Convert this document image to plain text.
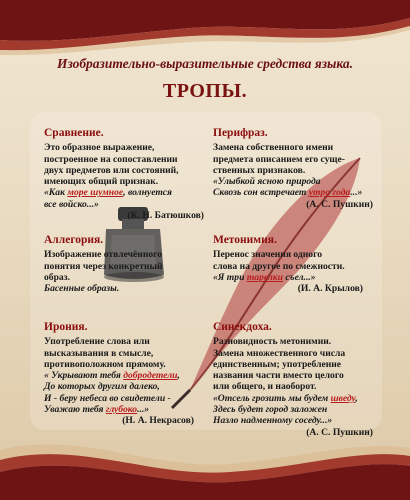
Изобразительно-выразительные средства языка.
ТРОПЫ.
Сравнение.
Это образное выражение,
построенное на сопоставлении
двух предметов или состояний,
имеющих общий признак.
«Как море шумное, волнуется
все войско...»
(К. Н. Батюшков)
Перифраз.
Замена собственного имени
предмета описанием его суще-
ственных признаков.
«Улыбкой ясною природа
Сквозь сон встречает утро года...»
(А. С. Пушкин)
Аллегория.
Изображение отвлечённого
понятия через конкретный
образ.
Басенные образы.
Метонимия.
Перенос значения одного
слова на другое по смежности.
«Я три тарелки съел...»
(И. А. Крылов)
Ирония.
Употребление слова или
высказывания в смысле,
противоположном прямому.
« Укрывают тебя добродетели,
До которых другим далеко,
И - беру небеса во свидетели -
Уважаю тебя глубоко...»
(Н. А. Некрасов)
Синекдоха.
Разновидность метонимии.
Замена множественного числа
единственным; употребление
названия части вместо целого
или общего, и наоборот.
«Отсель грозить мы будем шведу,
Здесь будет город заложен
Назло надменному соседу...»
(А. С. Пушкин)
